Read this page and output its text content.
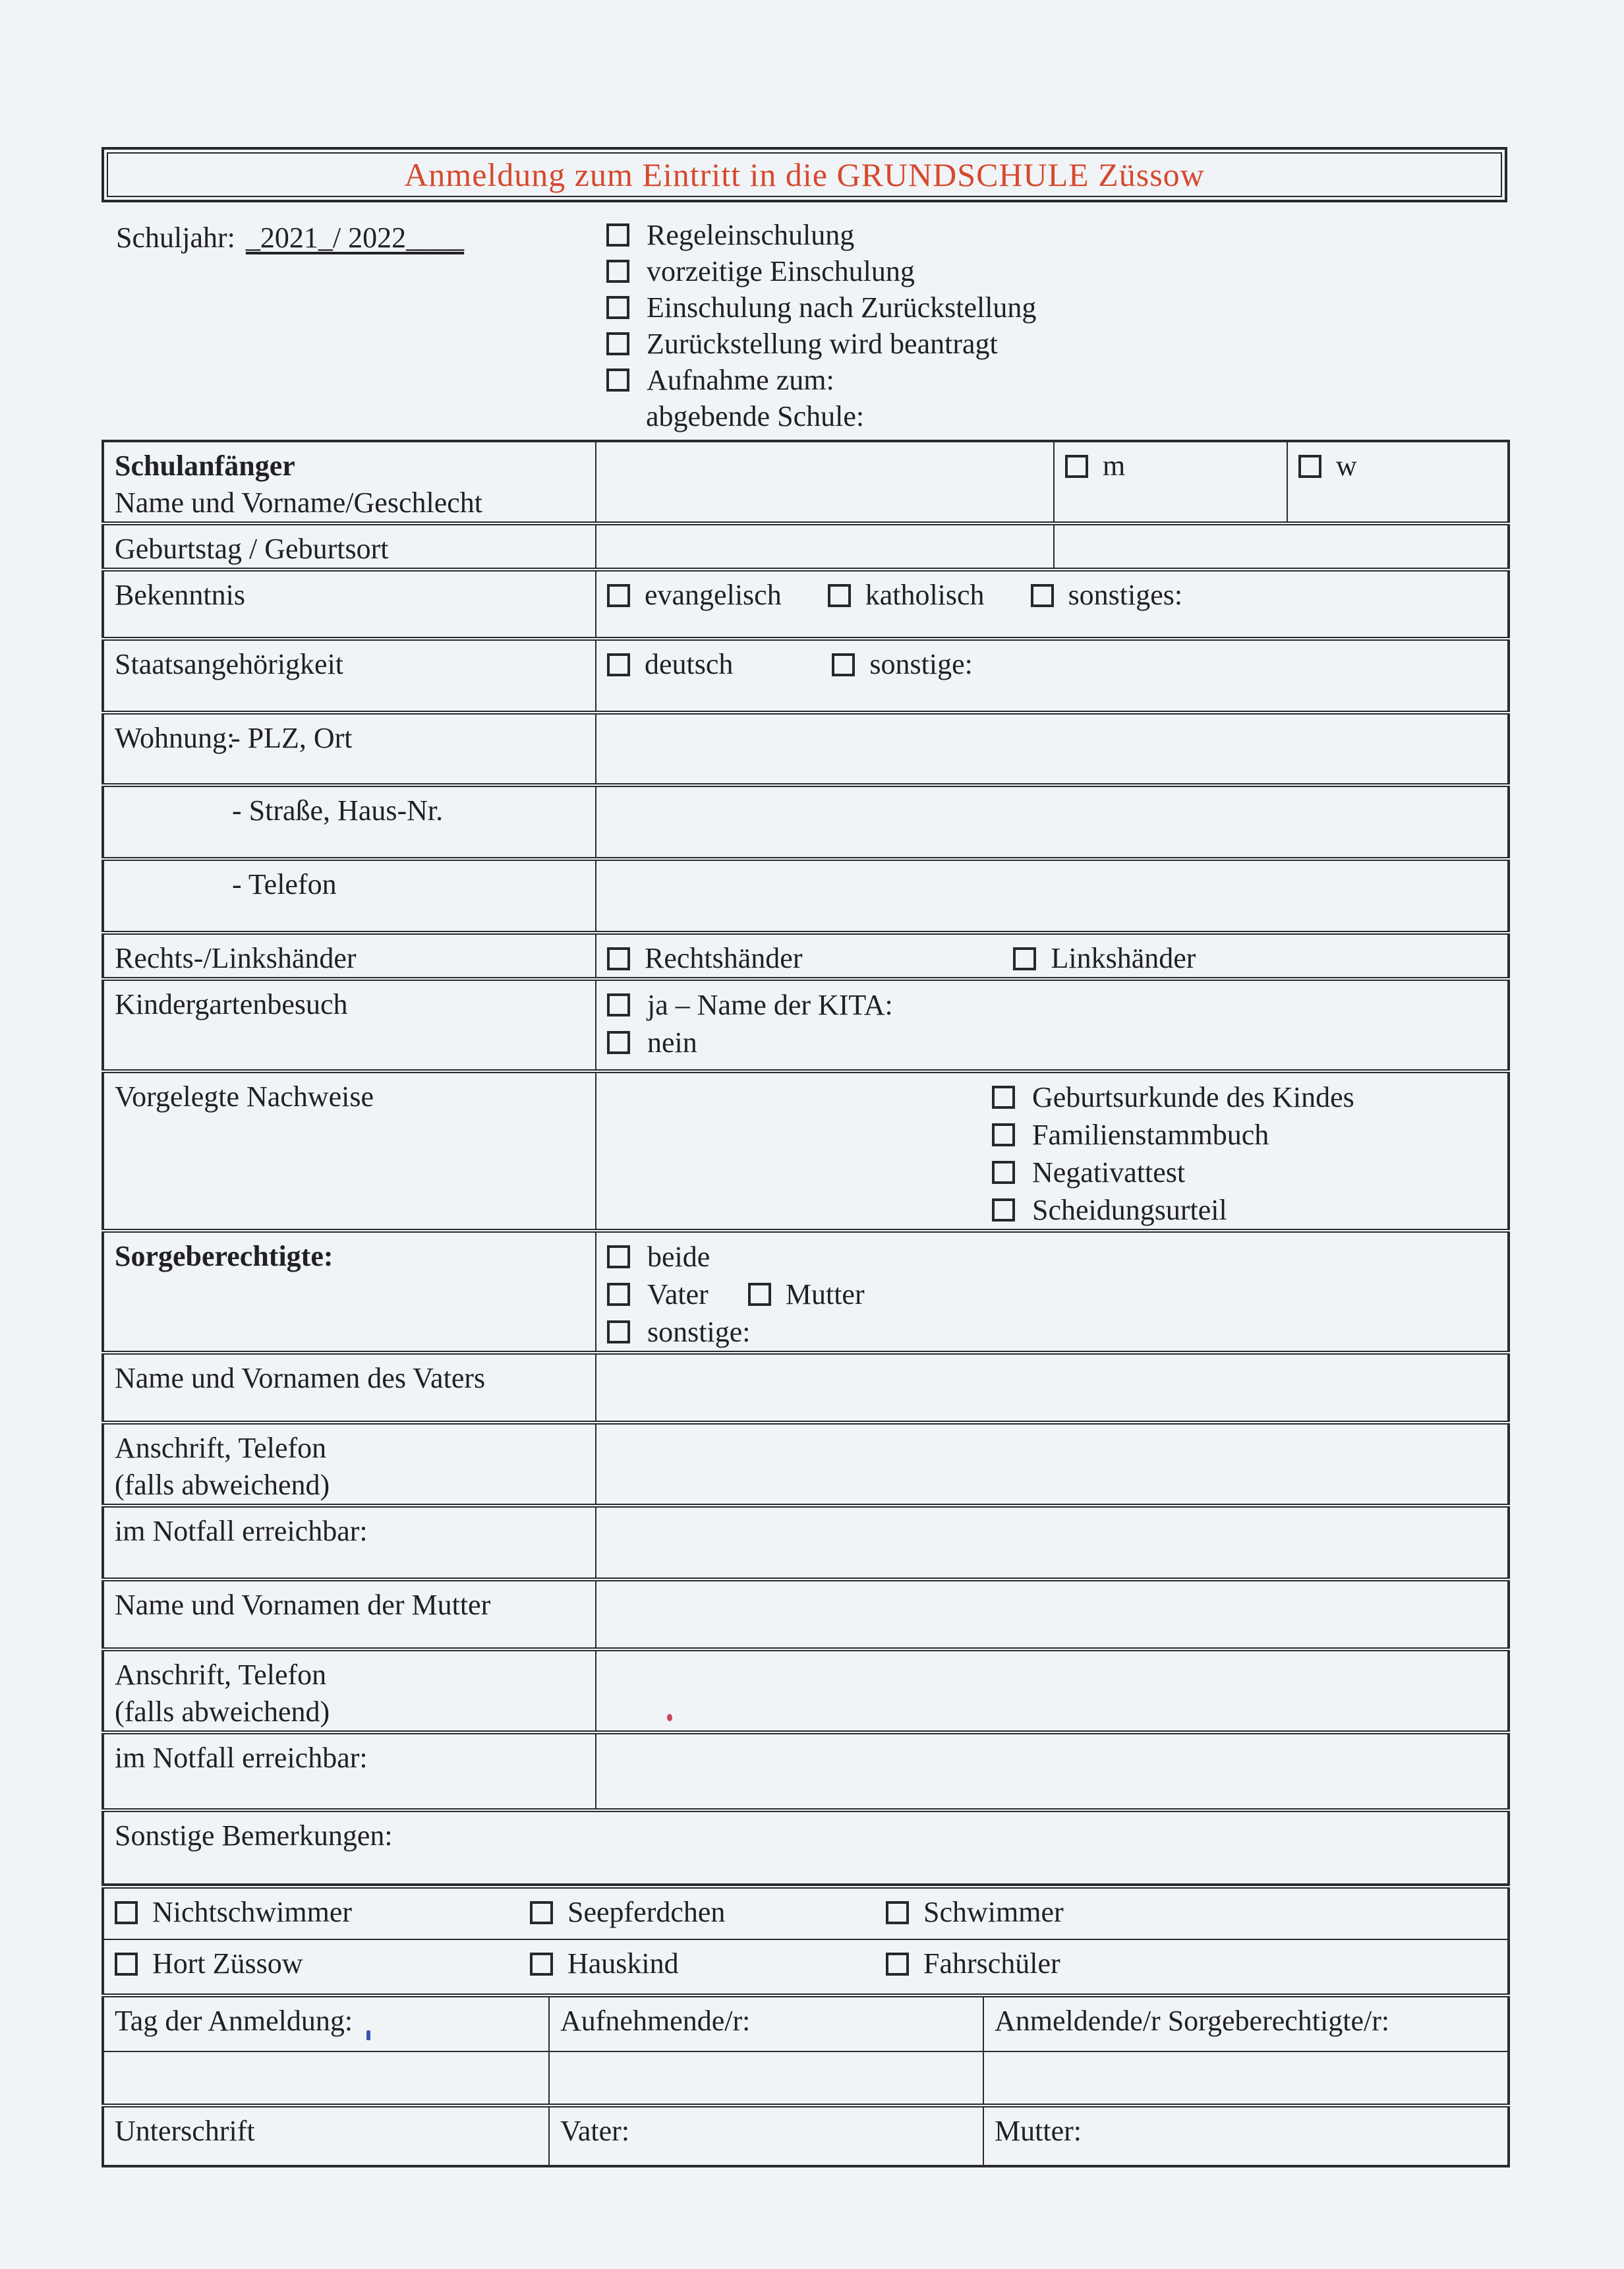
Anmeldung zum Eintritt in die GRUNDSCHULE Züssow
Schuljahr: _2021_/ 2022____	Regeleinschulung
vorzeitige Einschulung
Einschulung nach Zurückstellung
Zurückstellung wird beantragt
Aufnahme zum:
abgebende Schule:
Schulanfänger
Name und Vorname/Geschlecht		m	w

Geburtstag / Geburtsort			
Bekenntnis	evangelisch katholisch sonstiges:		

Staatsangehörigkeit	deutsch sonstige:		

Wohnung:- PLZ, Ort			
- Straße, Haus-Nr.			
- Telefon			
Rechts-/Linkshänder	Rechtshänder Linkshänder		

Kindergartenbesuch	ja – Name der KITA:
nein		

Vorgelegte Nachweise	Geburtsurkunde des Kindes
Familienstammbuch
Negativattest
Scheidungsurteil		

Sorgeberechtigte:	beide
Vater Mutter
sonstige:		

Name und Vornamen des Vaters			

Anschrift, Telefon
(falls abweichend)			

im Notfall erreichbar:			
Name und Vornamen der Mutter			

Anschrift, Telefon
(falls abweichend)			

im Notfall erreichbar:			
Sonstige Bemerkungen:			
Nichtschwimmer Seepferdchen Schwimmer		

Hort Züssow Hauskind Fahrschüler		

Tag der Anmeldung:	Aufnehmende/r:	Anmeldende/r Sorgeberechtigte/r:

Unterschrift	Vater:	Mutter:
